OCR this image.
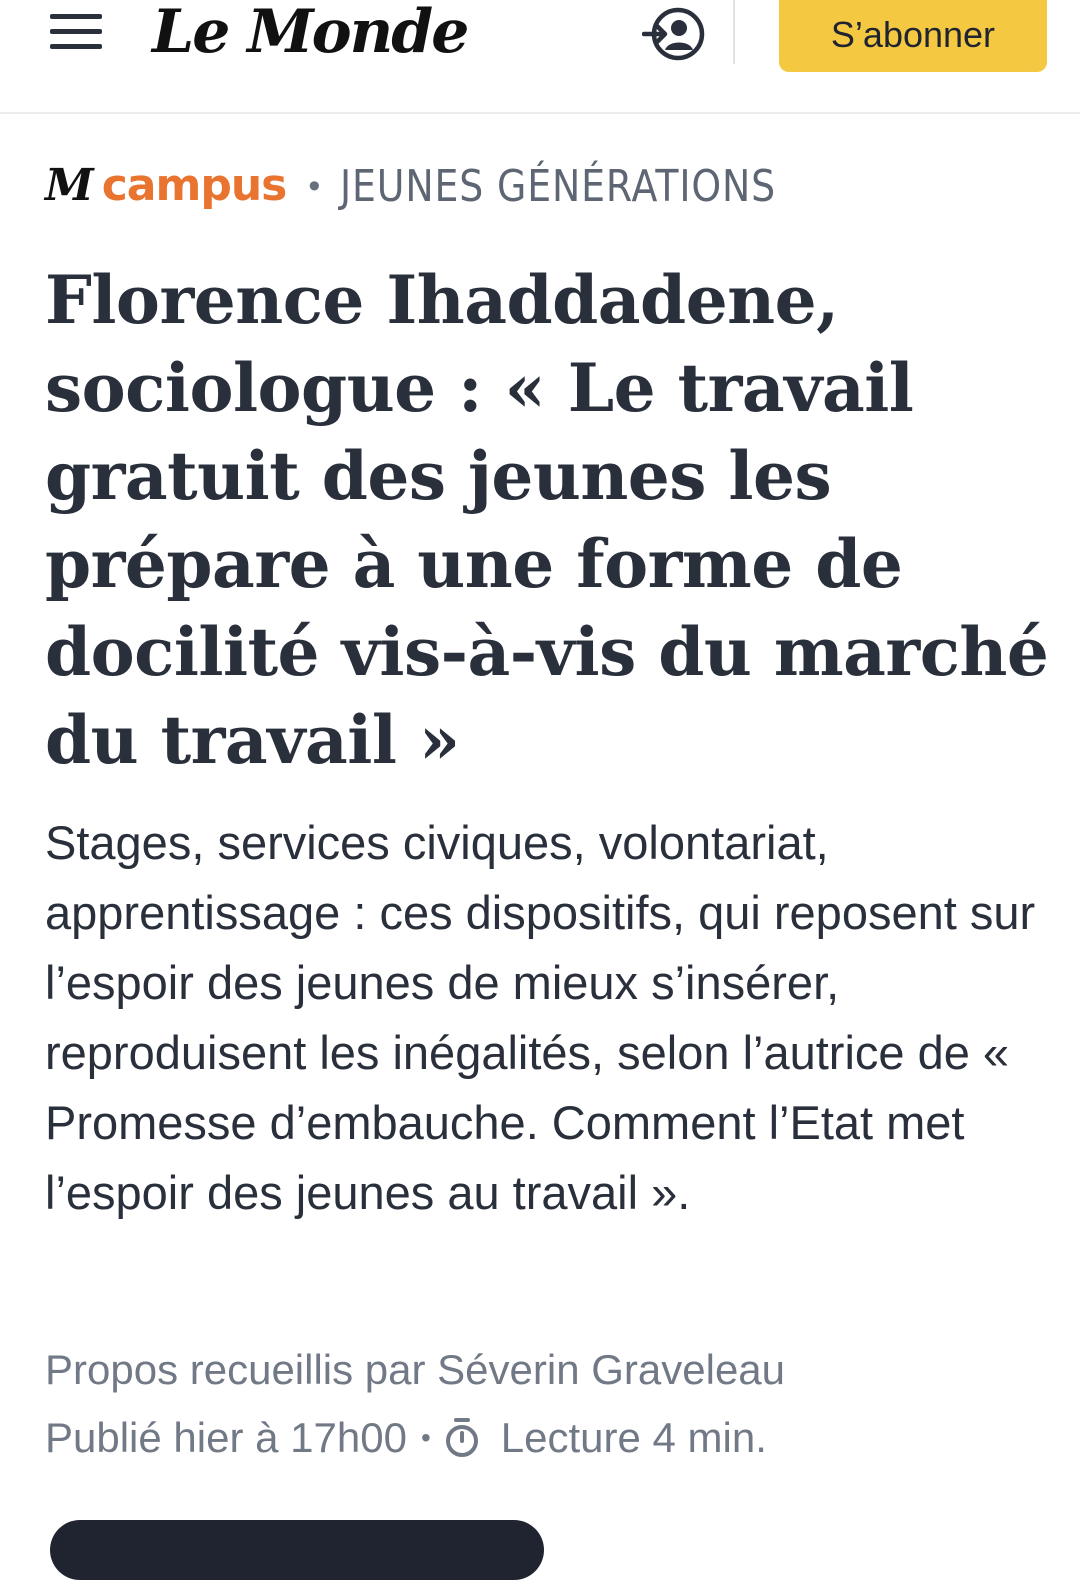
Le Monde	S’abonner
M campus • JEUNES GÉNÉRATIONS
Florence Ihaddadene, sociologue : « Le travail gratuit des jeunes les prépare à une forme de docilité vis-à-vis du marché du travail »

Stages, services civiques, volontariat, apprentissage : ces dispositifs, qui reposent sur l’espoir des jeunes de mieux s’insérer, reproduisent les inégalités, selon l’autrice de « Promesse d’embauche. Comment l’Etat met l’espoir des jeunes au travail ».

Propos recueillis par Séverin Graveleau

Publié hier à 17h00 • Lecture 4 min.
